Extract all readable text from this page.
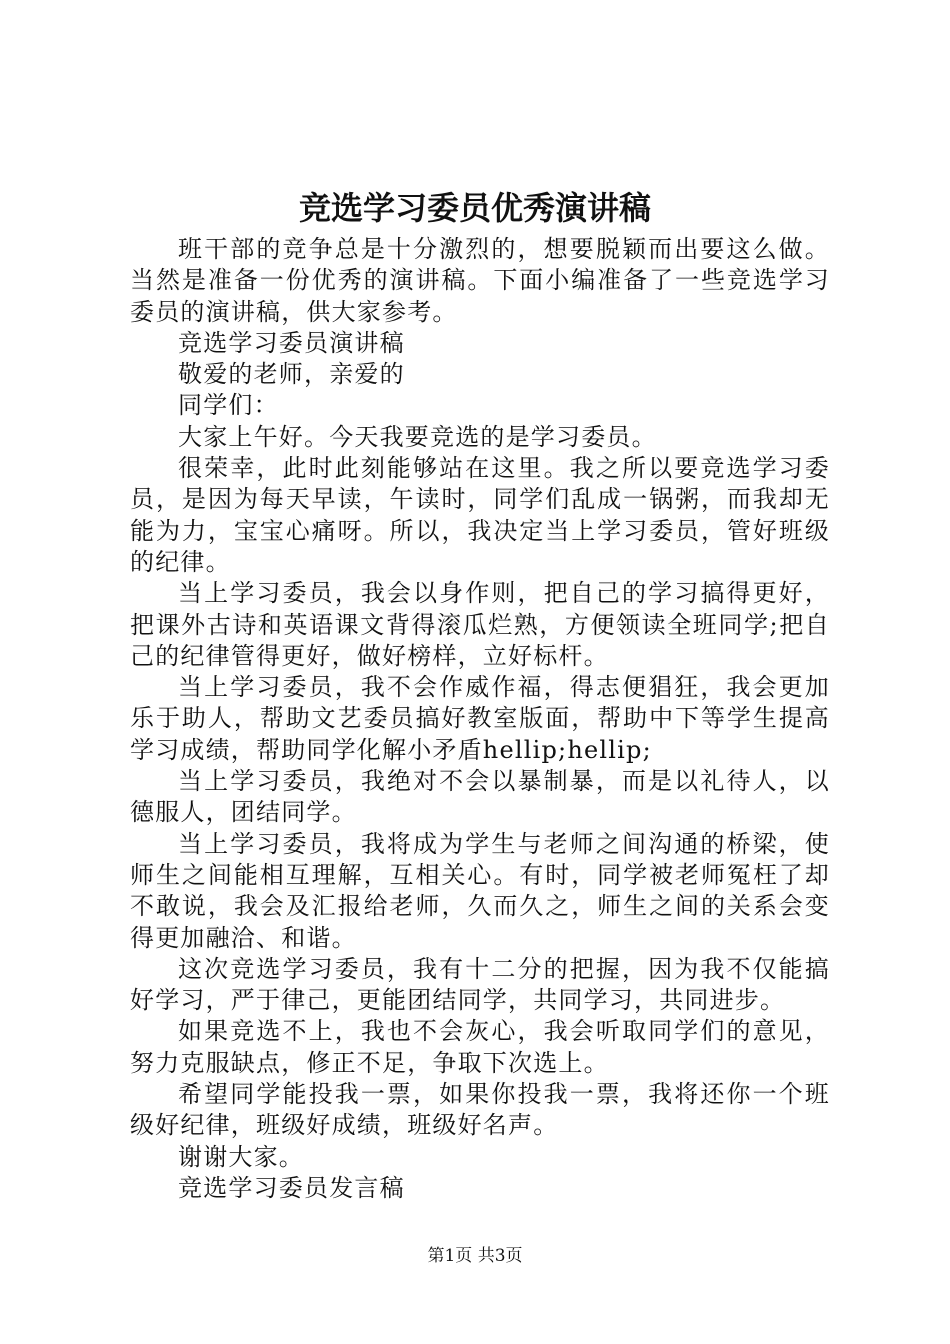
竞选学习委员优秀演讲稿

班干部的竞争总是十分激烈的，想要脱颖而出要这么做。当然是准备一份优秀的演讲稿。下面小编准备了一些竞选学习委员的演讲稿，供大家参考。

竞选学习委员演讲稿

敬爱的老师，亲爱的

同学们：

大家上午好。今天我要竞选的是学习委员。

很荣幸，此时此刻能够站在这里。我之所以要竞选学习委员，是因为每天早读，午读时，同学们乱成一锅粥，而我却无能为力，宝宝心痛呀。所以，我决定当上学习委员，管好班级的纪律。

当上学习委员，我会以身作则，把自己的学习搞得更好，把课外古诗和英语课文背得滚瓜烂熟，方便领读全班同学;把自己的纪律管得更好，做好榜样，立好标杆。

当上学习委员，我不会作威作福，得志便猖狂，我会更加乐于助人，帮助文艺委员搞好教室版面，帮助中下等学生提高学习成绩，帮助同学化解小矛盾hellip;hellip;

当上学习委员，我绝对不会以暴制暴，而是以礼待人，以德服人，团结同学。

当上学习委员，我将成为学生与老师之间沟通的桥梁，使师生之间能相互理解，互相关心。有时，同学被老师冤枉了却不敢说，我会及汇报给老师，久而久之，师生之间的关系会变得更加融洽、和谐。

这次竞选学习委员，我有十二分的把握，因为我不仅能搞好学习，严于律己，更能团结同学，共同学习，共同进步。

如果竞选不上，我也不会灰心，我会听取同学们的意见，努力克服缺点，修正不足，争取下次选上。

希望同学能投我一票，如果你投我一票，我将还你一个班级好纪律，班级好成绩，班级好名声。

谢谢大家。

竞选学习委员发言稿

第1页 共3页
